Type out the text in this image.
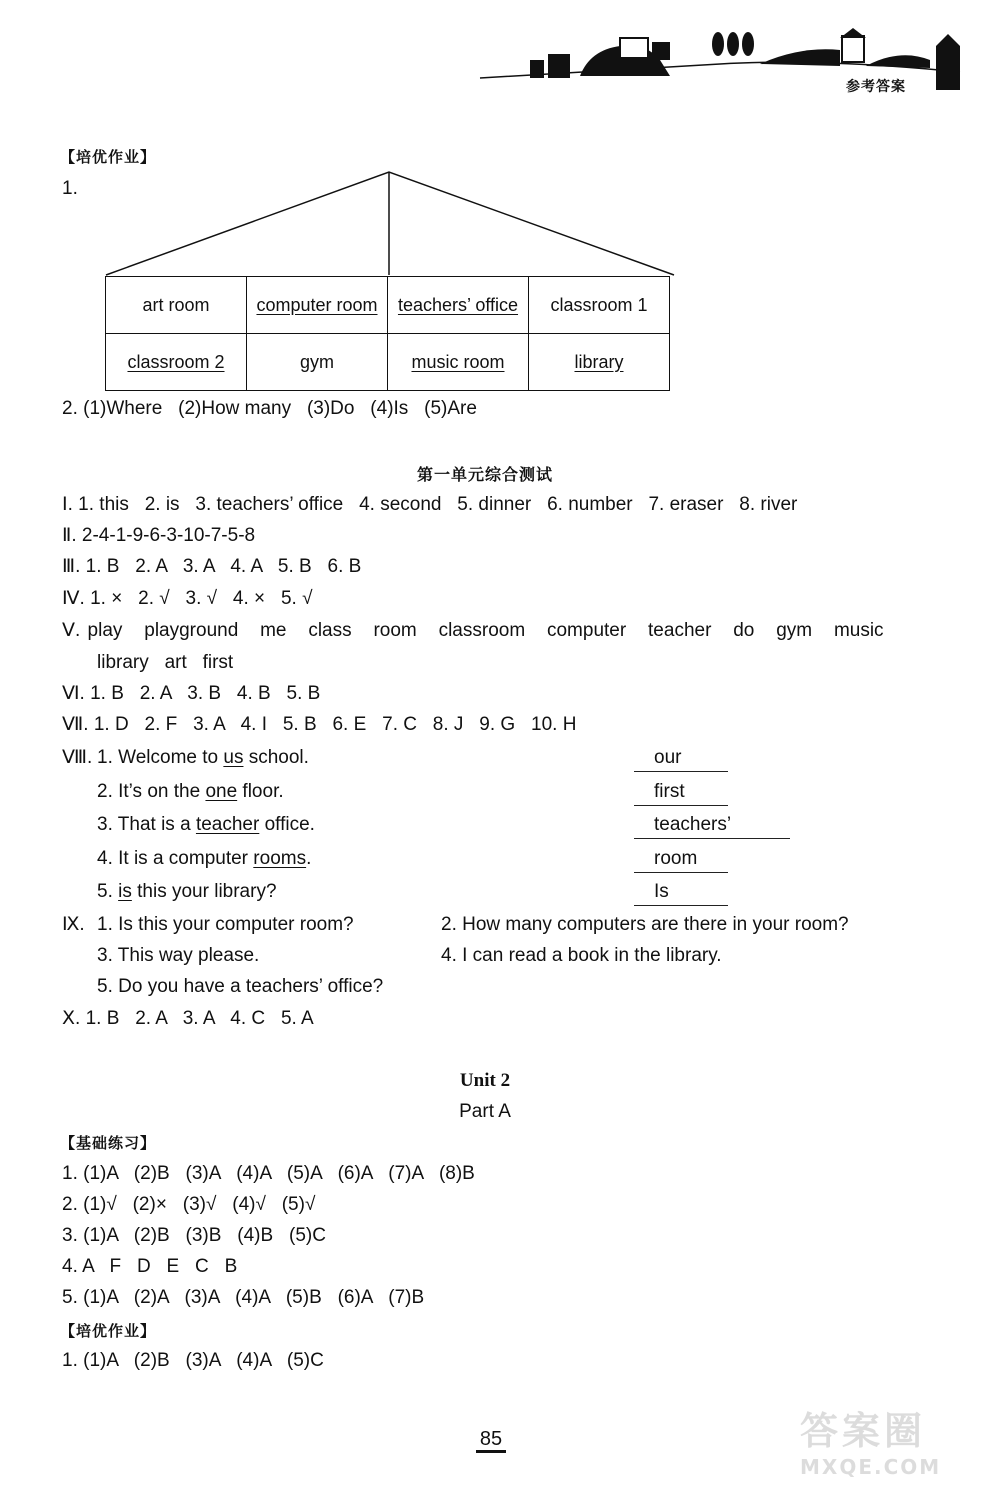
参考答案
【培优作业】
1.
art room	computer room	teachers’ office	classroom 1
classroom 2	gym	music room	library
2. (1)Where   (2)How many   (3)Do   (4)Is   (5)Are
第一单元综合测试
Ⅰ. 1. this   2. is   3. teachers’ office   4. second   5. dinner   6. number   7. eraser   8. river
Ⅱ. 2-4-1-9-6-3-10-7-5-8
Ⅲ. 1. B   2. A   3. A   4. A   5. B   6. B
Ⅳ. 1. ×   2. √   3. √   4. ×   5. √
Ⅴ. play   playground   me   class   room   classroom   computer   teacher   do   gym   music
library   art   first
Ⅵ. 1. B   2. A   3. B   4. B   5. B
Ⅶ. 1. D   2. F   3. A   4. I   5. B   6. E   7. C   8. J   9. G   10. H
Ⅷ. 1. Welcome to us school.	our
2. It’s on the one floor.	first
3. That is a teacher office.	teachers’
4. It is a computer rooms.	room
5. is this your library?	Is
Ⅸ. 1. Is this your computer room?	2. How many computers are there in your room?
3. This way please.	4. I can read a book in the library.
5. Do you have a teachers’ office?
Ⅹ. 1. B   2. A   3. A   4. C   5. A
Unit 2
Part A
【基础练习】
1. (1)A   (2)B   (3)A   (4)A   (5)A   (6)A   (7)A   (8)B
2. (1)√   (2)×   (3)√   (4)√   (5)√
3. (1)A   (2)B   (3)B   (4)B   (5)C
4. A   F   D   E   C   B
5. (1)A   (2)A   (3)A   (4)A   (5)B   (6)A   (7)B
【培优作业】
1. (1)A   (2)B   (3)A   (4)A   (5)C
85	答案圈
MXQE.COM
